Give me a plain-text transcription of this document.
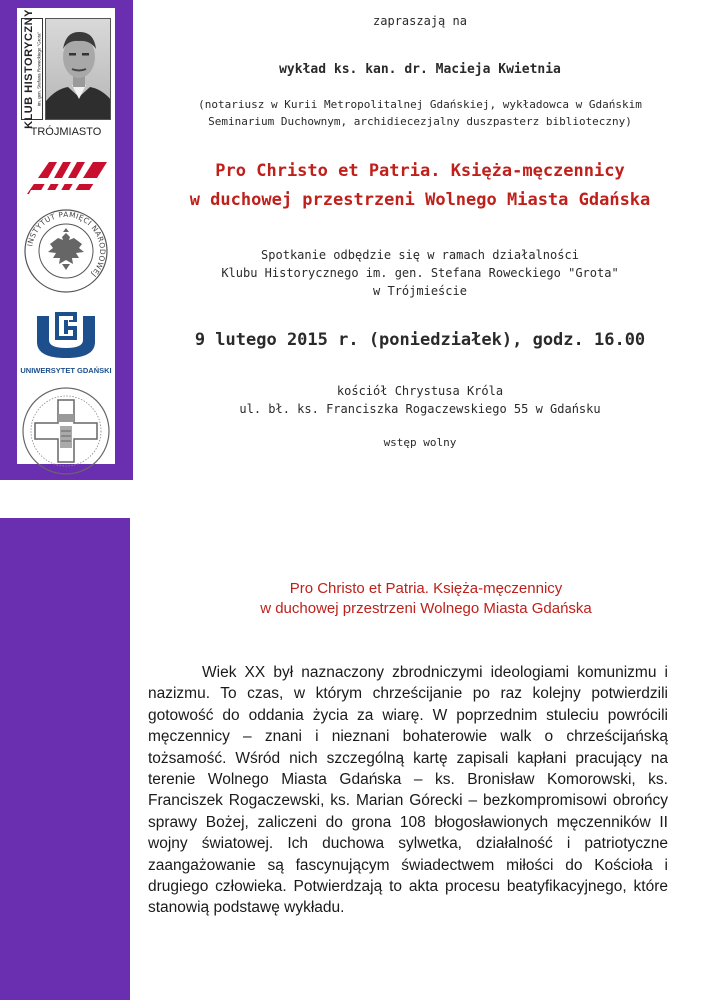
KLUB HISTORYCZNY im. gen. Stefana Roweckiego "Grota"
TRÓJMIASTO
INSTYTUT PAMIĘCI NARODOWEJ
UNIWERSYTET GDAŃSKI
zapraszają na
wykład ks. kan. dr. Macieja Kwietnia
(notariusz w Kurii Metropolitalnej Gdańskiej, wykładowca w Gdańskim
Seminarium Duchownym, archidiecezjalny duszpasterz biblioteczny)
Pro Christo et Patria. Księża-męczennicy
w duchowej przestrzeni Wolnego Miasta Gdańska
Spotkanie odbędzie się w ramach działalności
Klubu Historycznego im. gen. Stefana Roweckiego "Grota"
w Trójmieście
9 lutego 2015 r. (poniedziałek), godz. 16.00
kościół Chrystusa Króla
ul. bł. ks. Franciszka Rogaczewskiego 55 w Gdańsku
wstęp wolny
Pro Christo et Patria. Księża-męczennicy
w duchowej przestrzeni Wolnego Miasta Gdańska

Wiek XX był naznaczony zbrodniczymi ideologiami komunizmu i nazizmu. To czas, w którym chrześcijanie po raz kolejny potwierdzili gotowość do oddania życia za wiarę. W poprzednim stuleciu powrócili męczennicy – znani i nieznani bohaterowie walk o chrześcijańską tożsamość. Wśród nich szczególną kartę zapisali kapłani pracujący na terenie Wolnego Miasta Gdańska – ks. Bronisław Komorowski, ks. Franciszek Rogaczewski, ks. Marian Górecki – bezkompromisowi obrońcy sprawy Bożej, zaliczeni do grona 108 błogosławionych męczenników II wojny światowej. Ich duchowa sylwetka, działalność i patriotyczne zaangażowanie są fascynującym świadectwem miłości do Kościoła i drugiego człowieka. Potwierdzają to akta procesu beatyfikacyjnego, które stanowią podstawę wykładu.
